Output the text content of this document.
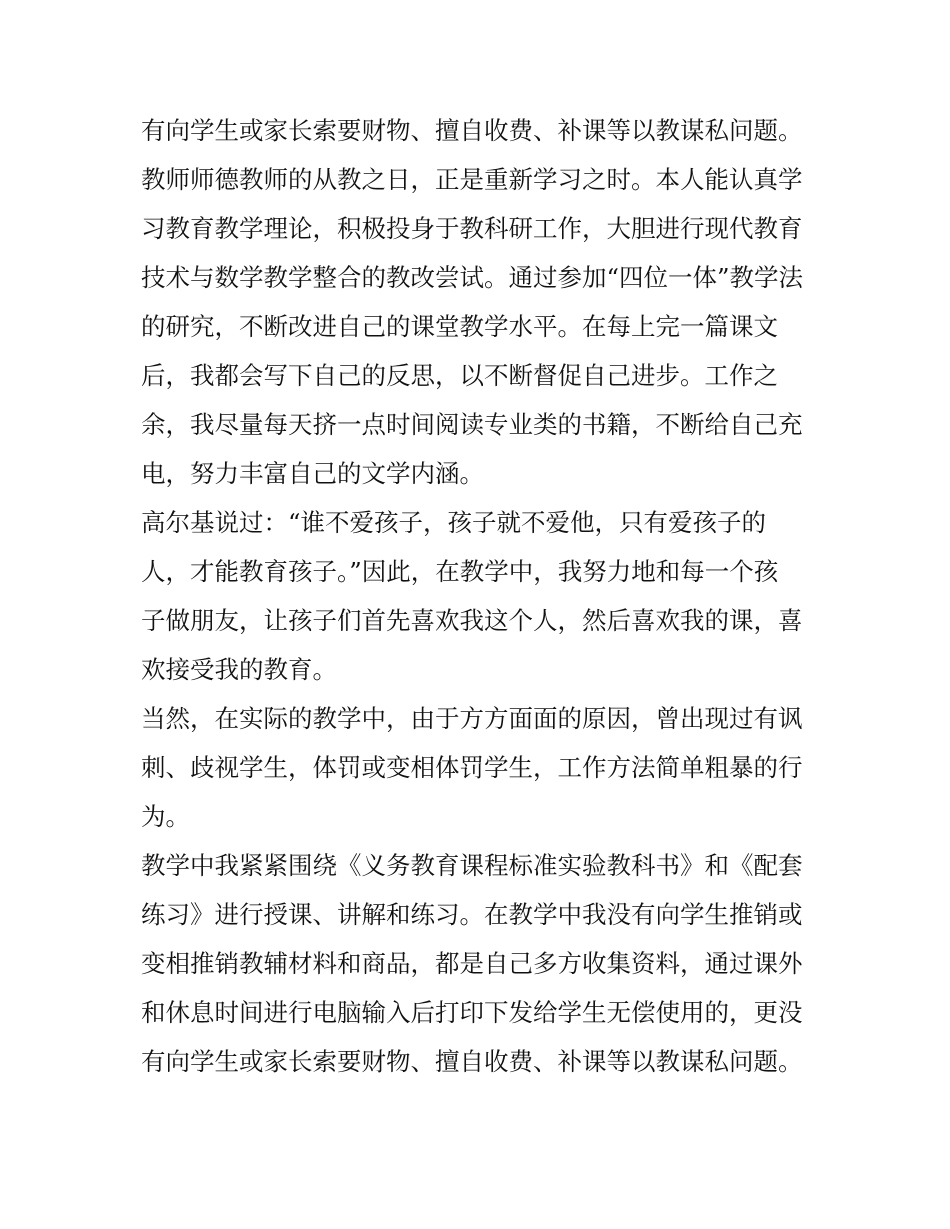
有向学生或家长索要财物、擅自收费、补课等以教谋私问题。
教师师德教师的从教之日，正是重新学习之时。本人能认真学
习教育教学理论，积极投身于教科研工作，大胆进行现代教育
技术与数学教学整合的教改尝试。通过参加“四位一体”教学法
的研究，不断改进自己的课堂教学水平。在每上完一篇课文
后，我都会写下自己的反思，以不断督促自己进步。工作之
余，我尽量每天挤一点时间阅读专业类的书籍，不断给自己充
电，努力丰富自己的文学内涵。
高尔基说过：“谁不爱孩子，孩子就不爱他，只有爱孩子的
人，才能教育孩子。”因此，在教学中，我努力地和每一个孩
子做朋友，让孩子们首先喜欢我这个人，然后喜欢我的课，喜
欢接受我的教育。
当然，在实际的教学中，由于方方面面的原因，曾出现过有讽
刺、歧视学生，体罚或变相体罚学生，工作方法简单粗暴的行
为。
教学中我紧紧围绕《义务教育课程标准实验教科书》和《配套
练习》进行授课、讲解和练习。在教学中我没有向学生推销或
变相推销教辅材料和商品，都是自己多方收集资料，通过课外
和休息时间进行电脑输入后打印下发给学生无偿使用的，更没
有向学生或家长索要财物、擅自收费、补课等以教谋私问题。
